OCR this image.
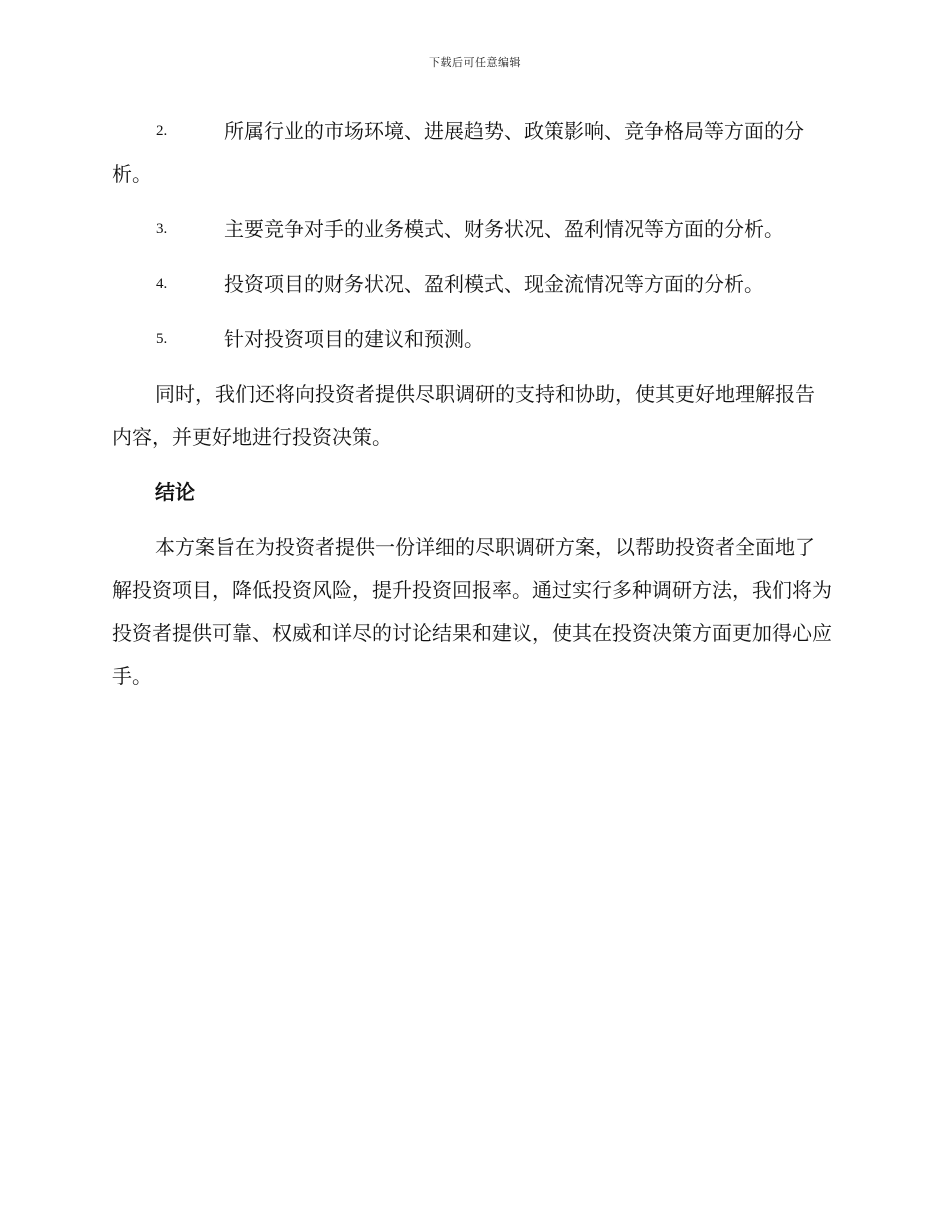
下载后可任意编辑
2.	所属行业的市场环境、进展趋势、政策影响、竞争格局等方面的分析。
3.	主要竞争对手的业务模式、财务状况、盈利情况等方面的分析。
4.	投资项目的财务状况、盈利模式、现金流情况等方面的分析。
5.	针对投资项目的建议和预测。
同时，我们还将向投资者提供尽职调研的支持和协助，使其更好地理解报告内容，并更好地进行投资决策。
结论
本方案旨在为投资者提供一份详细的尽职调研方案，以帮助投资者全面地了解投资项目，降低投资风险，提升投资回报率。通过实行多种调研方法，我们将为投资者提供可靠、权威和详尽的讨论结果和建议，使其在投资决策方面更加得心应手。
